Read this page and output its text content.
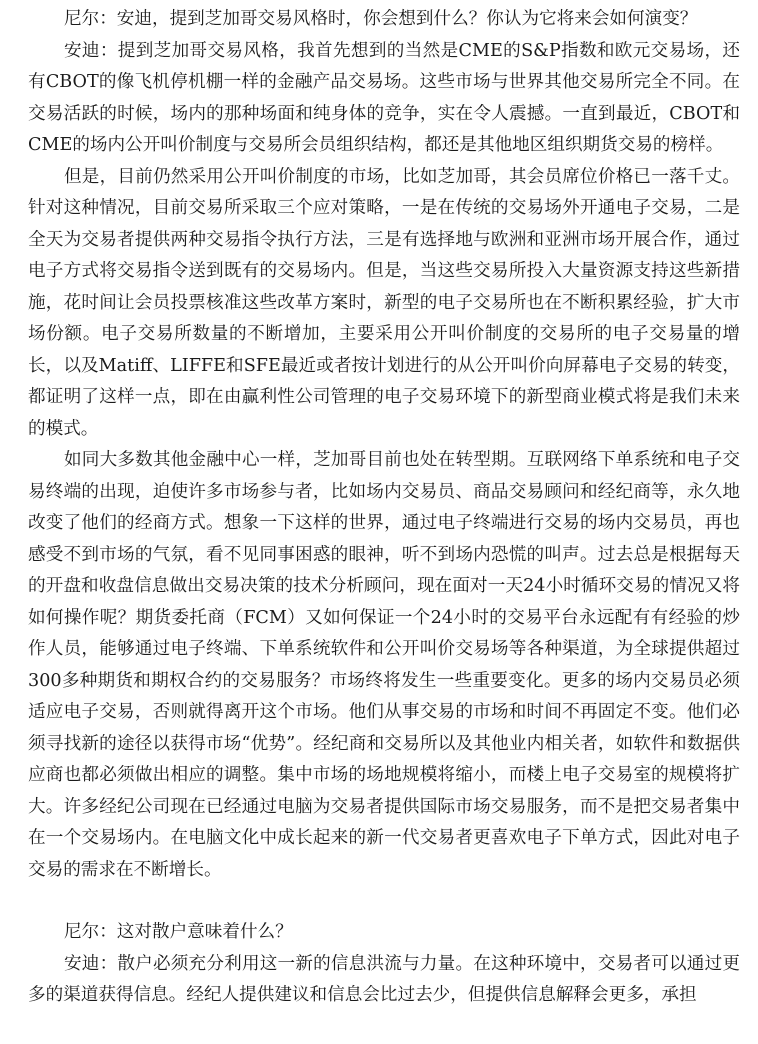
尼尔：安迪，提到芝加哥交易风格时，你会想到什么？你认为它将来会如何演变？

安迪：提到芝加哥交易风格，我首先想到的当然是CME的S&P指数和欧元交易场，还有CBOT的像飞机停机棚一样的金融产品交易场。这些市场与世界其他交易所完全不同。在交易活跃的时候，场内的那种场面和纯身体的竞争，实在令人震撼。一直到最近，CBOT和CME的场内公开叫价制度与交易所会员组织结构，都还是其他地区组织期货交易的榜样。

但是，目前仍然采用公开叫价制度的市场，比如芝加哥，其会员席位价格已一落千丈。针对这种情况，目前交易所采取三个应对策略，一是在传统的交易场外开通电子交易，二是全天为交易者提供两种交易指令执行方法，三是有选择地与欧洲和亚洲市场开展合作，通过电子方式将交易指令送到既有的交易场内。但是，当这些交易所投入大量资源支持这些新措施，花时间让会员投票核准这些改革方案时，新型的电子交易所也在不断积累经验，扩大市场份额。电子交易所数量的不断增加，主要采用公开叫价制度的交易所的电子交易量的增长，以及Matiff、LIFFE和SFE最近或者按计划进行的从公开叫价向屏幕电子交易的转变，都证明了这样一点，即在由赢利性公司管理的电子交易环境下的新型商业模式将是我们未来的模式。

如同大多数其他金融中心一样，芝加哥目前也处在转型期。互联网络下单系统和电子交易终端的出现，迫使许多市场参与者，比如场内交易员、商品交易顾问和经纪商等，永久地改变了他们的经商方式。想象一下这样的世界，通过电子终端进行交易的场内交易员，再也感受不到市场的气氛，看不见同事困惑的眼神，听不到场内恐慌的叫声。过去总是根据每天的开盘和收盘信息做出交易决策的技术分析顾问，现在面对一天24小时循环交易的情况又将如何操作呢？期货委托商（FCM）又如何保证一个24小时的交易平台永远配有有经验的炒作人员，能够通过电子终端、下单系统软件和公开叫价交易场等各种渠道，为全球提供超过300多种期货和期权合约的交易服务？市场终将发生一些重要变化。更多的场内交易员必须适应电子交易，否则就得离开这个市场。他们从事交易的市场和时间不再固定不变。他们必须寻找新的途径以获得市场“优势”。经纪商和交易所以及其他业内相关者，如软件和数据供应商也都必须做出相应的调整。集中市场的场地规模将缩小，而楼上电子交易室的规模将扩大。许多经纪公司现在已经通过电脑为交易者提供国际市场交易服务，而不是把交易者集中在一个交易场内。在电脑文化中成长起来的新一代交易者更喜欢电子下单方式，因此对电子交易的需求在不断增长。

尼尔：这对散户意味着什么？

安迪：散户必须充分利用这一新的信息洪流与力量。在这种环境中，交易者可以通过更多的渠道获得信息。经纪人提供建议和信息会比过去少，但提供信息解释会更多，承担
